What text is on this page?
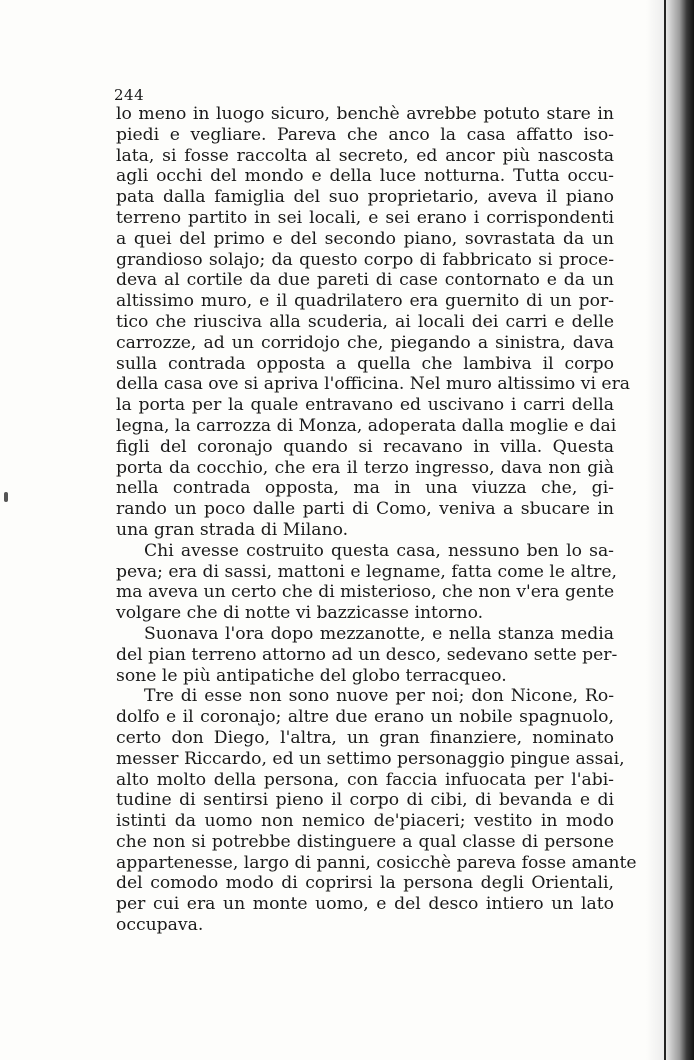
244

lo meno in luogo sicuro, benchè avrebbe potuto stare in
piedi e vegliare. Pareva che anco la casa affatto iso-
lata, si fosse raccolta al secreto, ed ancor più nascosta
agli occhi del mondo e della luce notturna. Tutta occu-
pata dalla famiglia del suo proprietario, aveva il piano
terreno partito in sei locali, e sei erano i corrispondenti
a quei del primo e del secondo piano, sovrastata da un
grandioso solajo; da questo corpo di fabbricato si proce-
deva al cortile da due pareti di case contornato e da un
altissimo muro, e il quadrilatero era guernito di un por-
tico che riusciva alla scuderia, ai locali dei carri e delle
carrozze, ad un corridojo che, piegando a sinistra, dava
sulla contrada opposta a quella che lambiva il corpo
della casa ove si apriva l'officina. Nel muro altissimo vi era
la porta per la quale entravano ed uscivano i carri della
legna, la carrozza di Monza, adoperata dalla moglie e dai
figli del coronajo quando si recavano in villa. Questa
porta da cocchio, che era il terzo ingresso, dava non già
nella contrada opposta, ma in una viuzza che, gi-
rando un poco dalle parti di Como, veniva a sbucare in
una gran strada di Milano.

Chi avesse costruito questa casa, nessuno ben lo sa-
peva; era di sassi, mattoni e legname, fatta come le altre,
ma aveva un certo che di misterioso, che non v'era gente
volgare che di notte vi bazzicasse intorno.

Suonava l'ora dopo mezzanotte, e nella stanza media
del pian terreno attorno ad un desco, sedevano sette per-
sone le più antipatiche del globo terracqueo.

Tre di esse non sono nuove per noi; don Nicone, Ro-
dolfo e il coronajo; altre due erano un nobile spagnuolo,
certo don Diego, l'altra, un gran finanziere, nominato
messer Riccardo, ed un settimo personaggio pingue assai,
alto molto della persona, con faccia infuocata per l'abi-
tudine di sentirsi pieno il corpo di cibi, di bevanda e di
istinti da uomo non nemico de'piaceri; vestito in modo
che non si potrebbe distinguere a qual classe di persone
appartenesse, largo di panni, cosicchè pareva fosse amante
del comodo modo di coprirsi la persona degli Orientali,
per cui era un monte uomo, e del desco intiero un lato
occupava.
